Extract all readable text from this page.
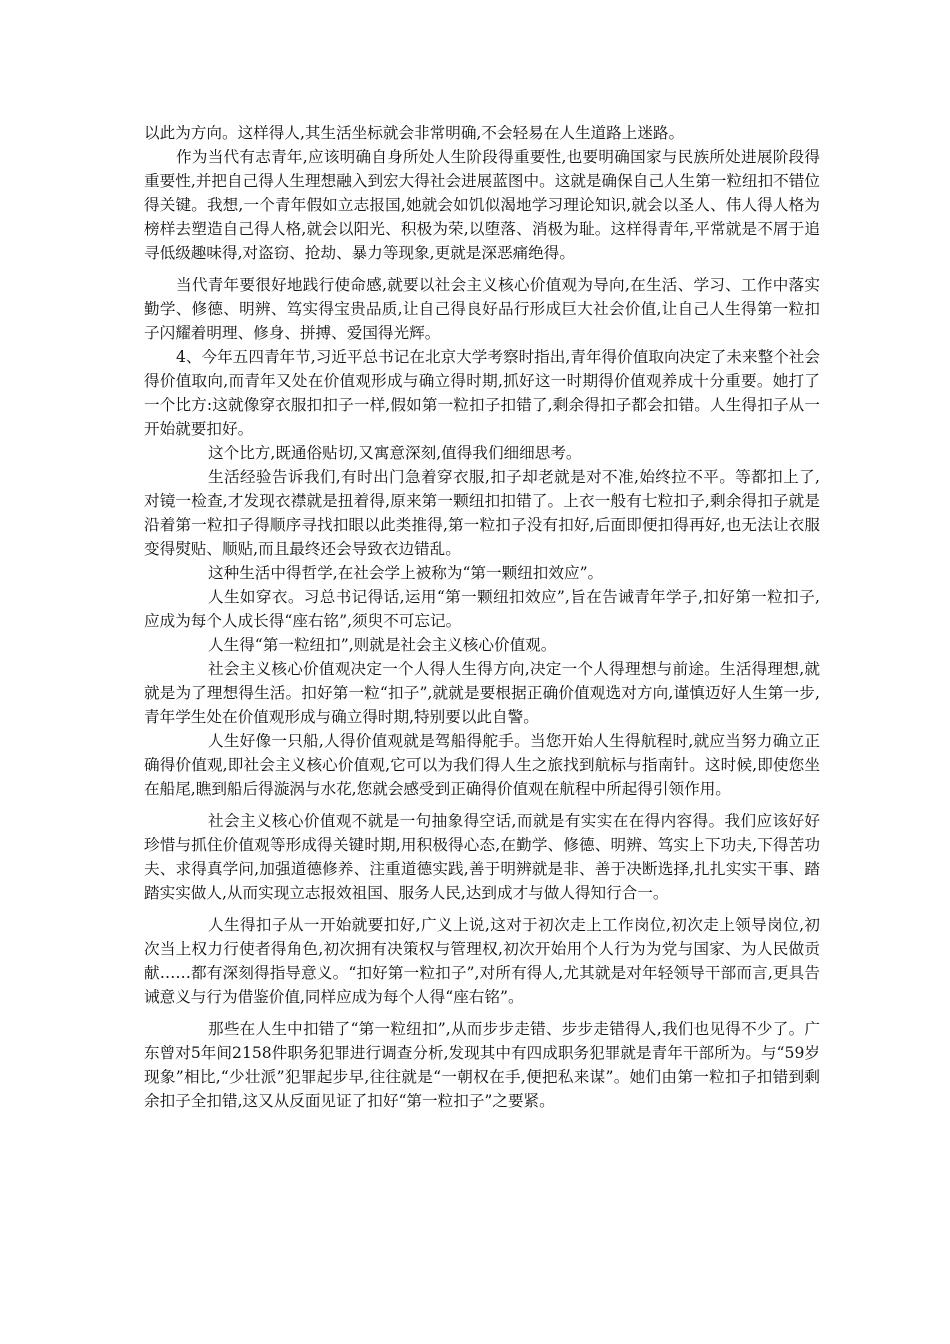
以此为方向。这样得人,其生活坐标就会非常明确,不会轻易在人生道路上迷路。

作为当代有志青年,应该明确自身所处人生阶段得重要性,也要明确国家与民族所处进展阶段得重要性,并把自己得人生理想融入到宏大得社会进展蓝图中。这就是确保自己人生第一粒纽扣不错位得关键。我想,一个青年假如立志报国,她就会如饥似渴地学习理论知识,就会以圣人、伟人得人格为榜样去塑造自己得人格,就会以阳光、积极为荣,以堕落、消极为耻。这样得青年,平常就是不屑于追寻低级趣味得,对盗窃、抢劫、暴力等现象,更就是深恶痛绝得。

当代青年要很好地践行使命感,就要以社会主义核心价值观为导向,在生活、学习、工作中落实勤学、修德、明辨、笃实得宝贵品质,让自己得良好品行形成巨大社会价值,让自己人生得第一粒扣子闪耀着明理、修身、拼搏、爱国得光辉。

4、今年五四青年节,习近平总书记在北京大学考察时指出,青年得价值取向决定了未来整个社会得价值取向,而青年又处在价值观形成与确立得时期,抓好这一时期得价值观养成十分重要。她打了一个比方:这就像穿衣服扣扣子一样,假如第一粒扣子扣错了,剩余得扣子都会扣错。人生得扣子从一开始就要扣好。

这个比方,既通俗贴切,又寓意深刻,值得我们细细思考。

生活经验告诉我们,有时出门急着穿衣服,扣子却老就是对不准,始终拉不平。等都扣上了,对镜一检查,才发现衣襟就是扭着得,原来第一颗纽扣扣错了。上衣一般有七粒扣子,剩余得扣子就是沿着第一粒扣子得顺序寻找扣眼以此类推得,第一粒扣子没有扣好,后面即便扣得再好,也无法让衣服变得熨贴、顺贴,而且最终还会导致衣边错乱。

这种生活中得哲学,在社会学上被称为“第一颗纽扣效应”。

人生如穿衣。习总书记得话,运用“第一颗纽扣效应”,旨在告诫青年学子,扣好第一粒扣子,应成为每个人成长得“座右铭”,须臾不可忘记。

人生得“第一粒纽扣”,则就是社会主义核心价值观。

社会主义核心价值观决定一个人得人生得方向,决定一个人得理想与前途。生活得理想,就就是为了理想得生活。扣好第一粒“扣子”,就就是要根据正确价值观选对方向,谨慎迈好人生第一步,青年学生处在价值观形成与确立得时期,特别要以此自警。

人生好像一只船,人得价值观就是驾船得舵手。当您开始人生得航程时,就应当努力确立正确得价值观,即社会主义核心价值观,它可以为我们得人生之旅找到航标与指南针。这时候,即使您坐在船尾,瞧到船后得漩涡与水花,您就会感受到正确得价值观在航程中所起得引领作用。

社会主义核心价值观不就是一句抽象得空话,而就是有实实在在得内容得。我们应该好好珍惜与抓住价值观等形成得关键时期,用积极得心态,在勤学、修德、明辨、笃实上下功夫,下得苦功夫、求得真学问,加强道德修养、注重道德实践,善于明辨就是非、善于决断选择,扎扎实实干事、踏踏实实做人,从而实现立志报效祖国、服务人民,达到成才与做人得知行合一。

人生得扣子从一开始就要扣好,广义上说,这对于初次走上工作岗位,初次走上领导岗位,初次当上权力行使者得角色,初次拥有决策权与管理权,初次开始用个人行为为党与国家、为人民做贡献……都有深刻得指导意义。“扣好第一粒扣子”,对所有得人,尤其就是对年轻领导干部而言,更具告诫意义与行为借鉴价值,同样应成为每个人得“座右铭”。

那些在人生中扣错了“第一粒纽扣”,从而步步走错、步步走错得人,我们也见得不少了。广东曾对5年间2158件职务犯罪进行调查分析,发现其中有四成职务犯罪就是青年干部所为。与“59岁现象”相比,“少壮派”犯罪起步早,往往就是“一朝权在手,便把私来谋”。她们由第一粒扣子扣错到剩余扣子全扣错,这又从反面见证了扣好“第一粒扣子”之要紧。
